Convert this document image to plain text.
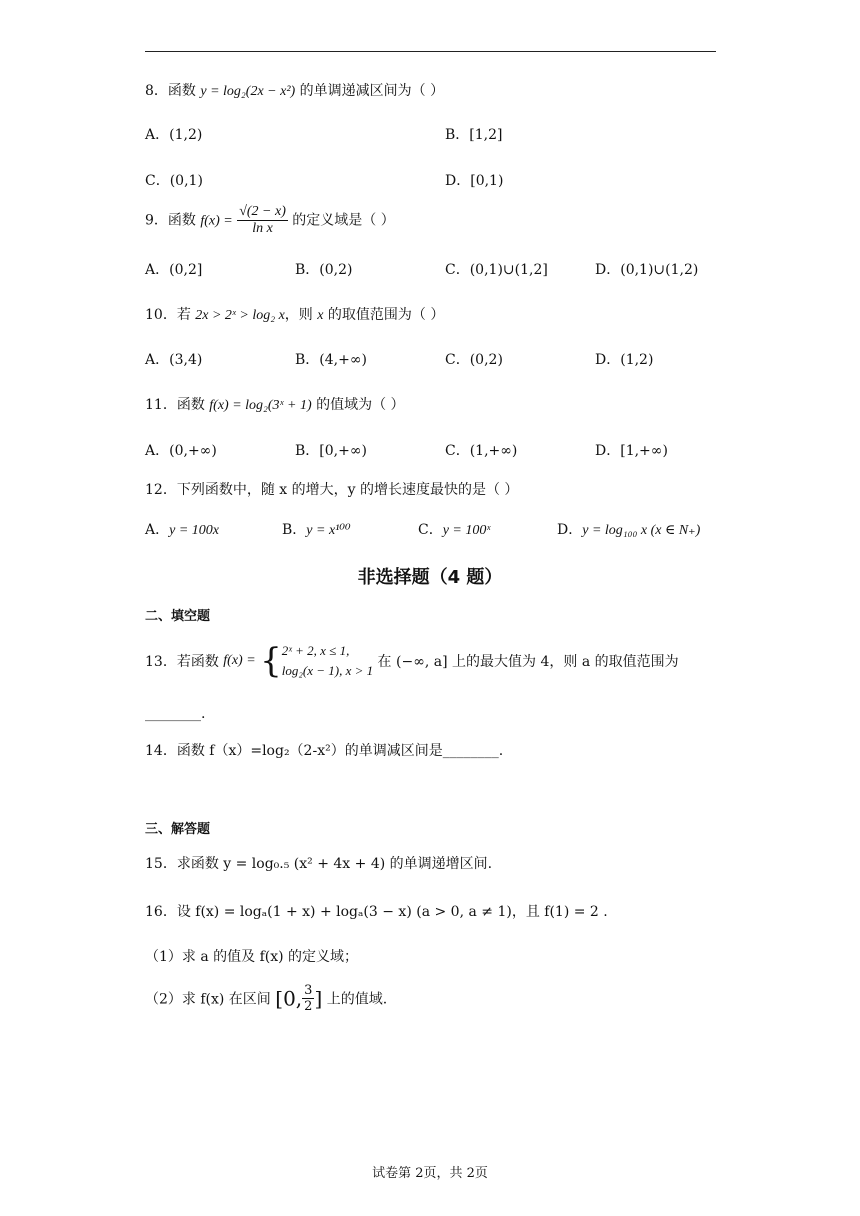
8．函数 y = log₂(2x − x²) 的单调递减区间为（ ）
A．(1,2)	B．[1,2]
C．(0,1)	D．[0,1)
9．函数 $f(x) = \frac{√(2 - x)}{\text{ln x}}$ 的定义域是（ ）
A．(0,2]	B．(0,2)	C．(0,1)∪(1,2]	D．(0,1)∪(1,2)
10．若 2x > 2ˣ > log₂ x，则 x 的取值范围为（ ）
A．(3,4)	B．(4,+∞)	C．(0,2)	D．(1,2)
11．函数 f(x) = log₂(3ˣ + 1) 的值域为（ ）
A．(0,+∞)	B．[0,+∞)	C．(1,+∞)	D．[1,+∞)
12．下列函数中，随 x 的增大，y 的增长速度最快的是（ ）
A．y = 100x	B．y = x¹⁰⁰	C．y = 100ˣ	D．y = log₁₀₀ x (x ∈ N₊)
非选择题（4 题）
二、填空题
13．若函数 f(x) = { 2ˣ + 2, x ≤ 1,
log₂(x − 1), x > 1
在 (−∞, a] 上的最大值为 4，则 a 的取值范围为
________.
14．函数 f（x）=log₂（2-x²）的单调减区间是________.
三、解答题
15．求函数 y = log₀.₅ (x² + 4x + 4) 的单调递增区间.
16．设 f(x) = logₐ(1 + x) + logₐ(3 − x) (a > 0, a ≠ 1)，且 f(1) = 2 .
（1）求 a 的值及 f(x) 的定义域；
（2）求 f(x) 在区间 [0, $\frac{3}{2}$ ] 上的值域.
试卷第 2页，共 2页
